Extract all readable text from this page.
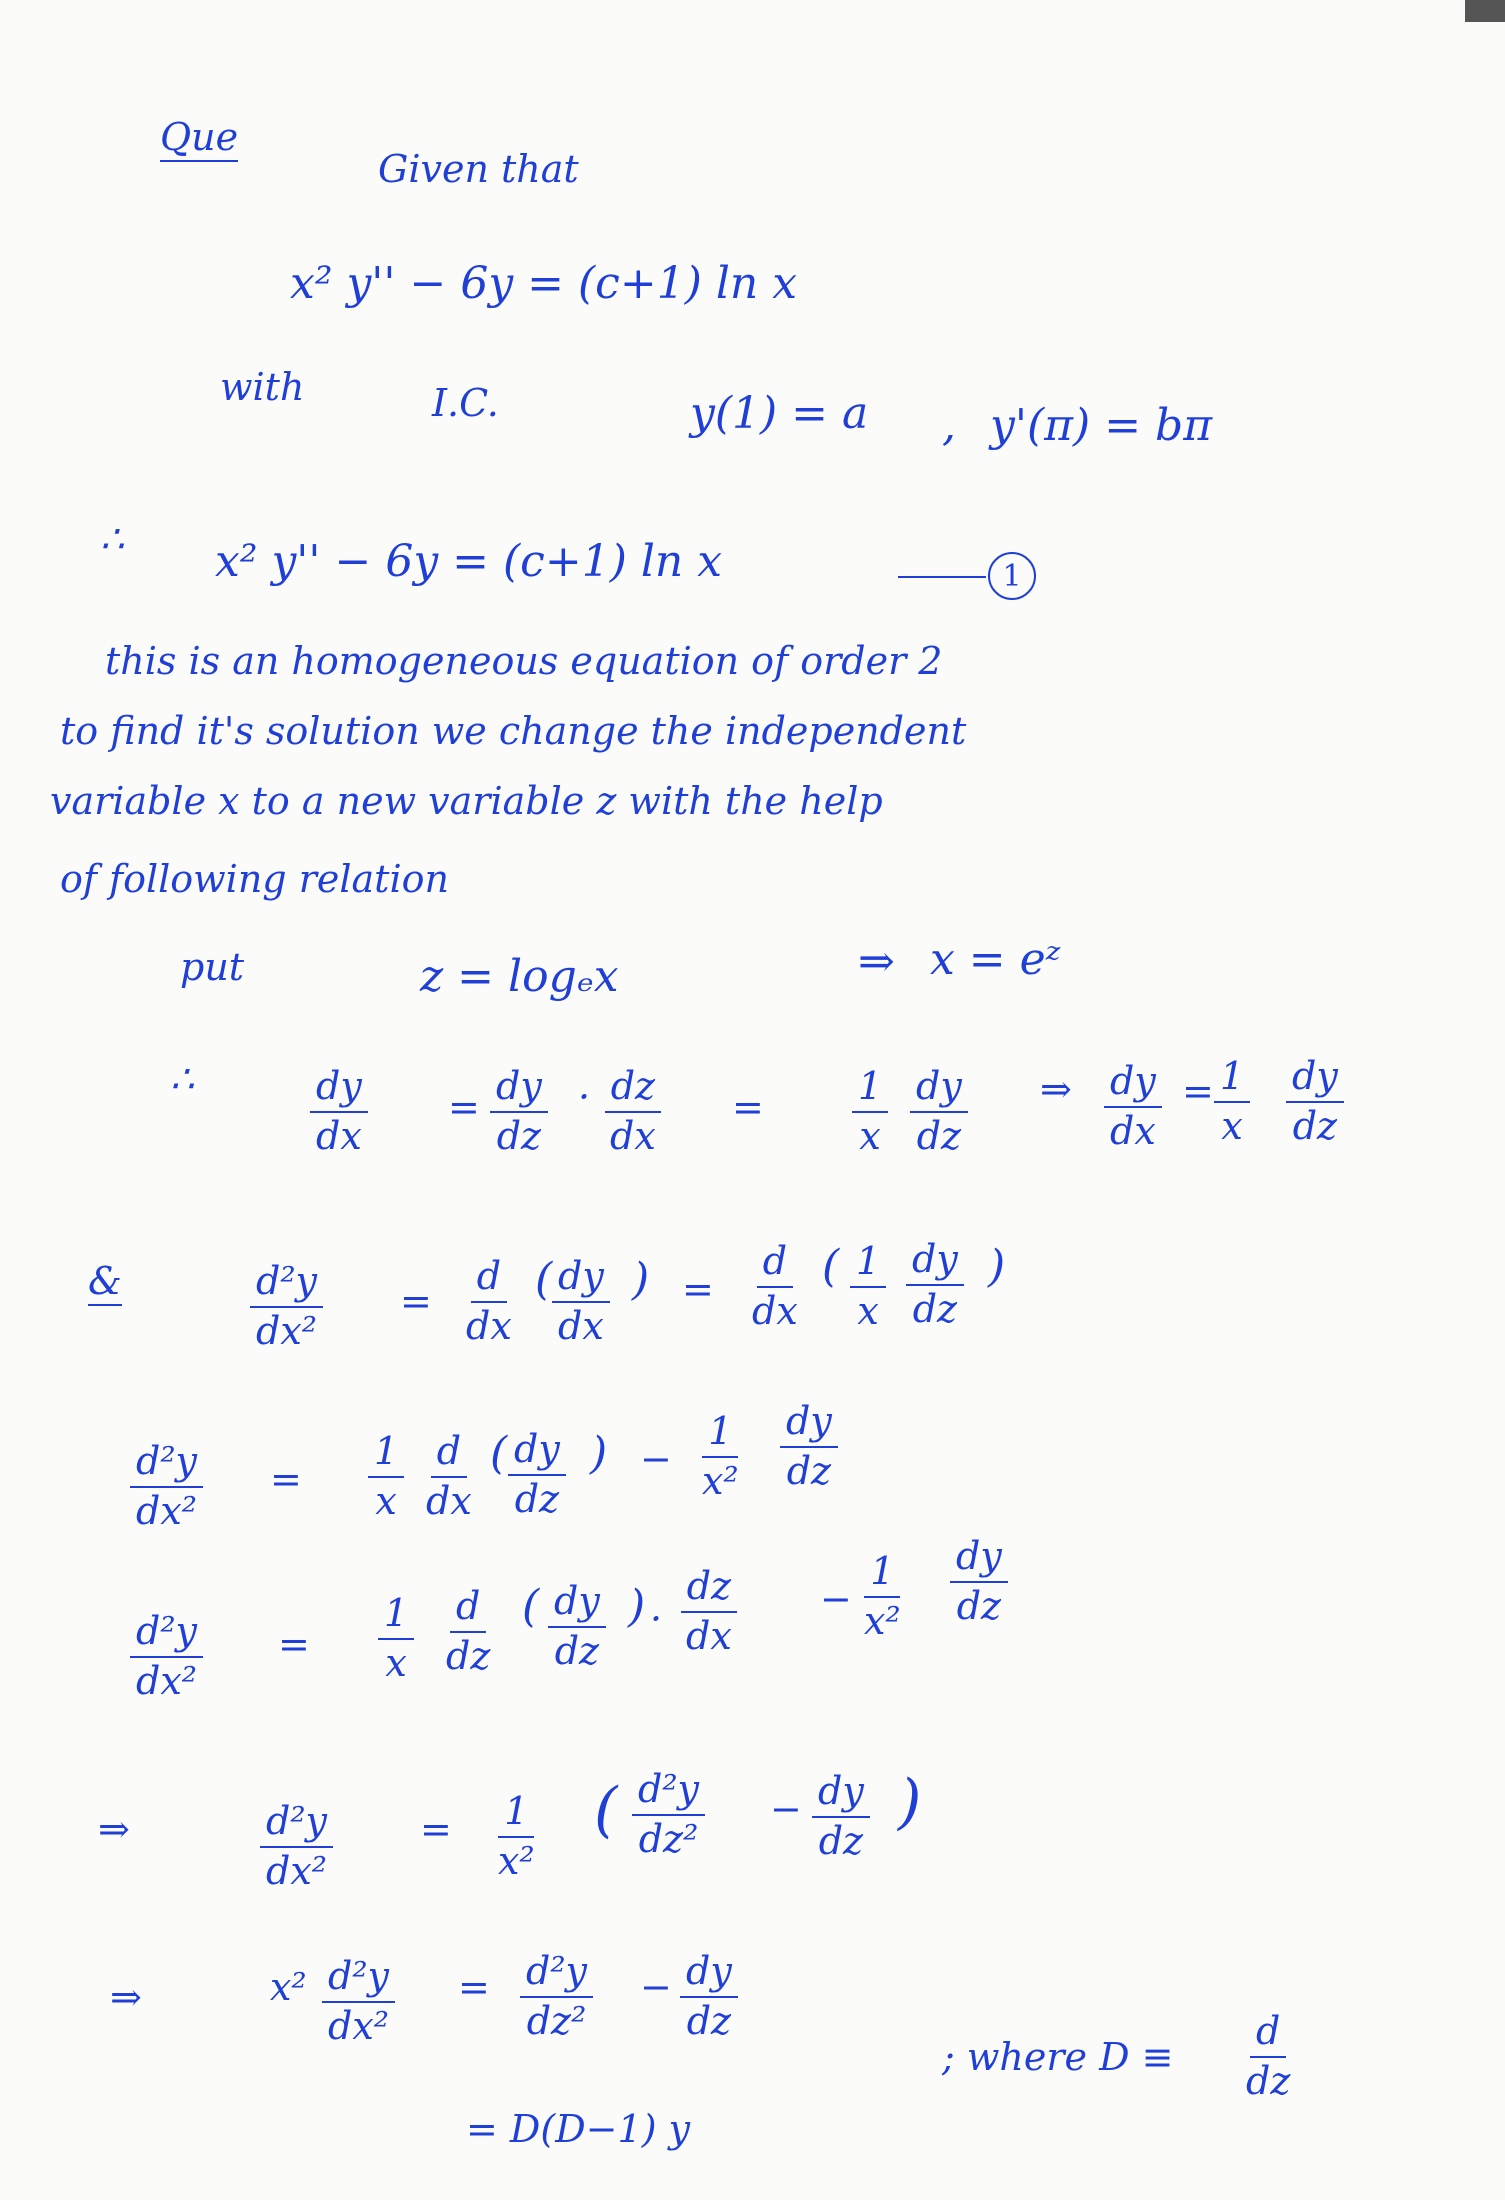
Que
Given that
x² y'' − 6y = (c+1) ln x
with	I.C.	y(1) = a , y'(π) = bπ
∴ x² y'' − 6y = (c+1) ln x	1
this is an homogeneous equation of order 2
to find it's solution we change the independent
variable x to a new variable z with the help
of following relation
put	z = logₑx	⇒ x = eᶻ
∴	$\frac{dy}{dx} = \frac{dy}{dz} \cdot \frac{dz}{dx} = \frac{1}{x} \frac{dy}{dz}$ ⇒ $\frac{dy}{dx} = \frac{1}{x} \frac{dy}{dz}$
&	$\frac{\text{d²y}}{\text{dx²}} = \frac{d}{dx}$ ( $\frac{dy}{dx}$ ) = $\frac{d}{dx}$ ( $\frac{1}{x} \frac{dy}{dz}$ )
$\frac{\text{d²y}}{\text{dx²}} = \frac{1}{x} \frac{d}{dx}$ ( $\frac{dy}{dz}$ ) − $\frac{1}{\text{x²}} \frac{dy}{dz}$
$\frac{\text{d²y}}{\text{dx²}} = \frac{1}{x} \frac{d}{dz}$ ( $\frac{dy}{dz}$ ) · $\frac{dz}{dx} - \frac{1}{\text{x²}} \frac{dy}{dz}$
⇒	$\frac{\text{d²y}}{\text{dx²}} = \frac{1}{\text{x²}}$ ( $\frac{\text{d²y}}{\text{dz²}} - \frac{dy}{dz}$ )
⇒	$x^2 \frac{\text{d²y}}{\text{dx²}} = \frac{\text{d²y}}{\text{dz²}} - \frac{dy}{dz}$
; where $D \equiv \frac{d}{dz}$
= D(D−1) y
